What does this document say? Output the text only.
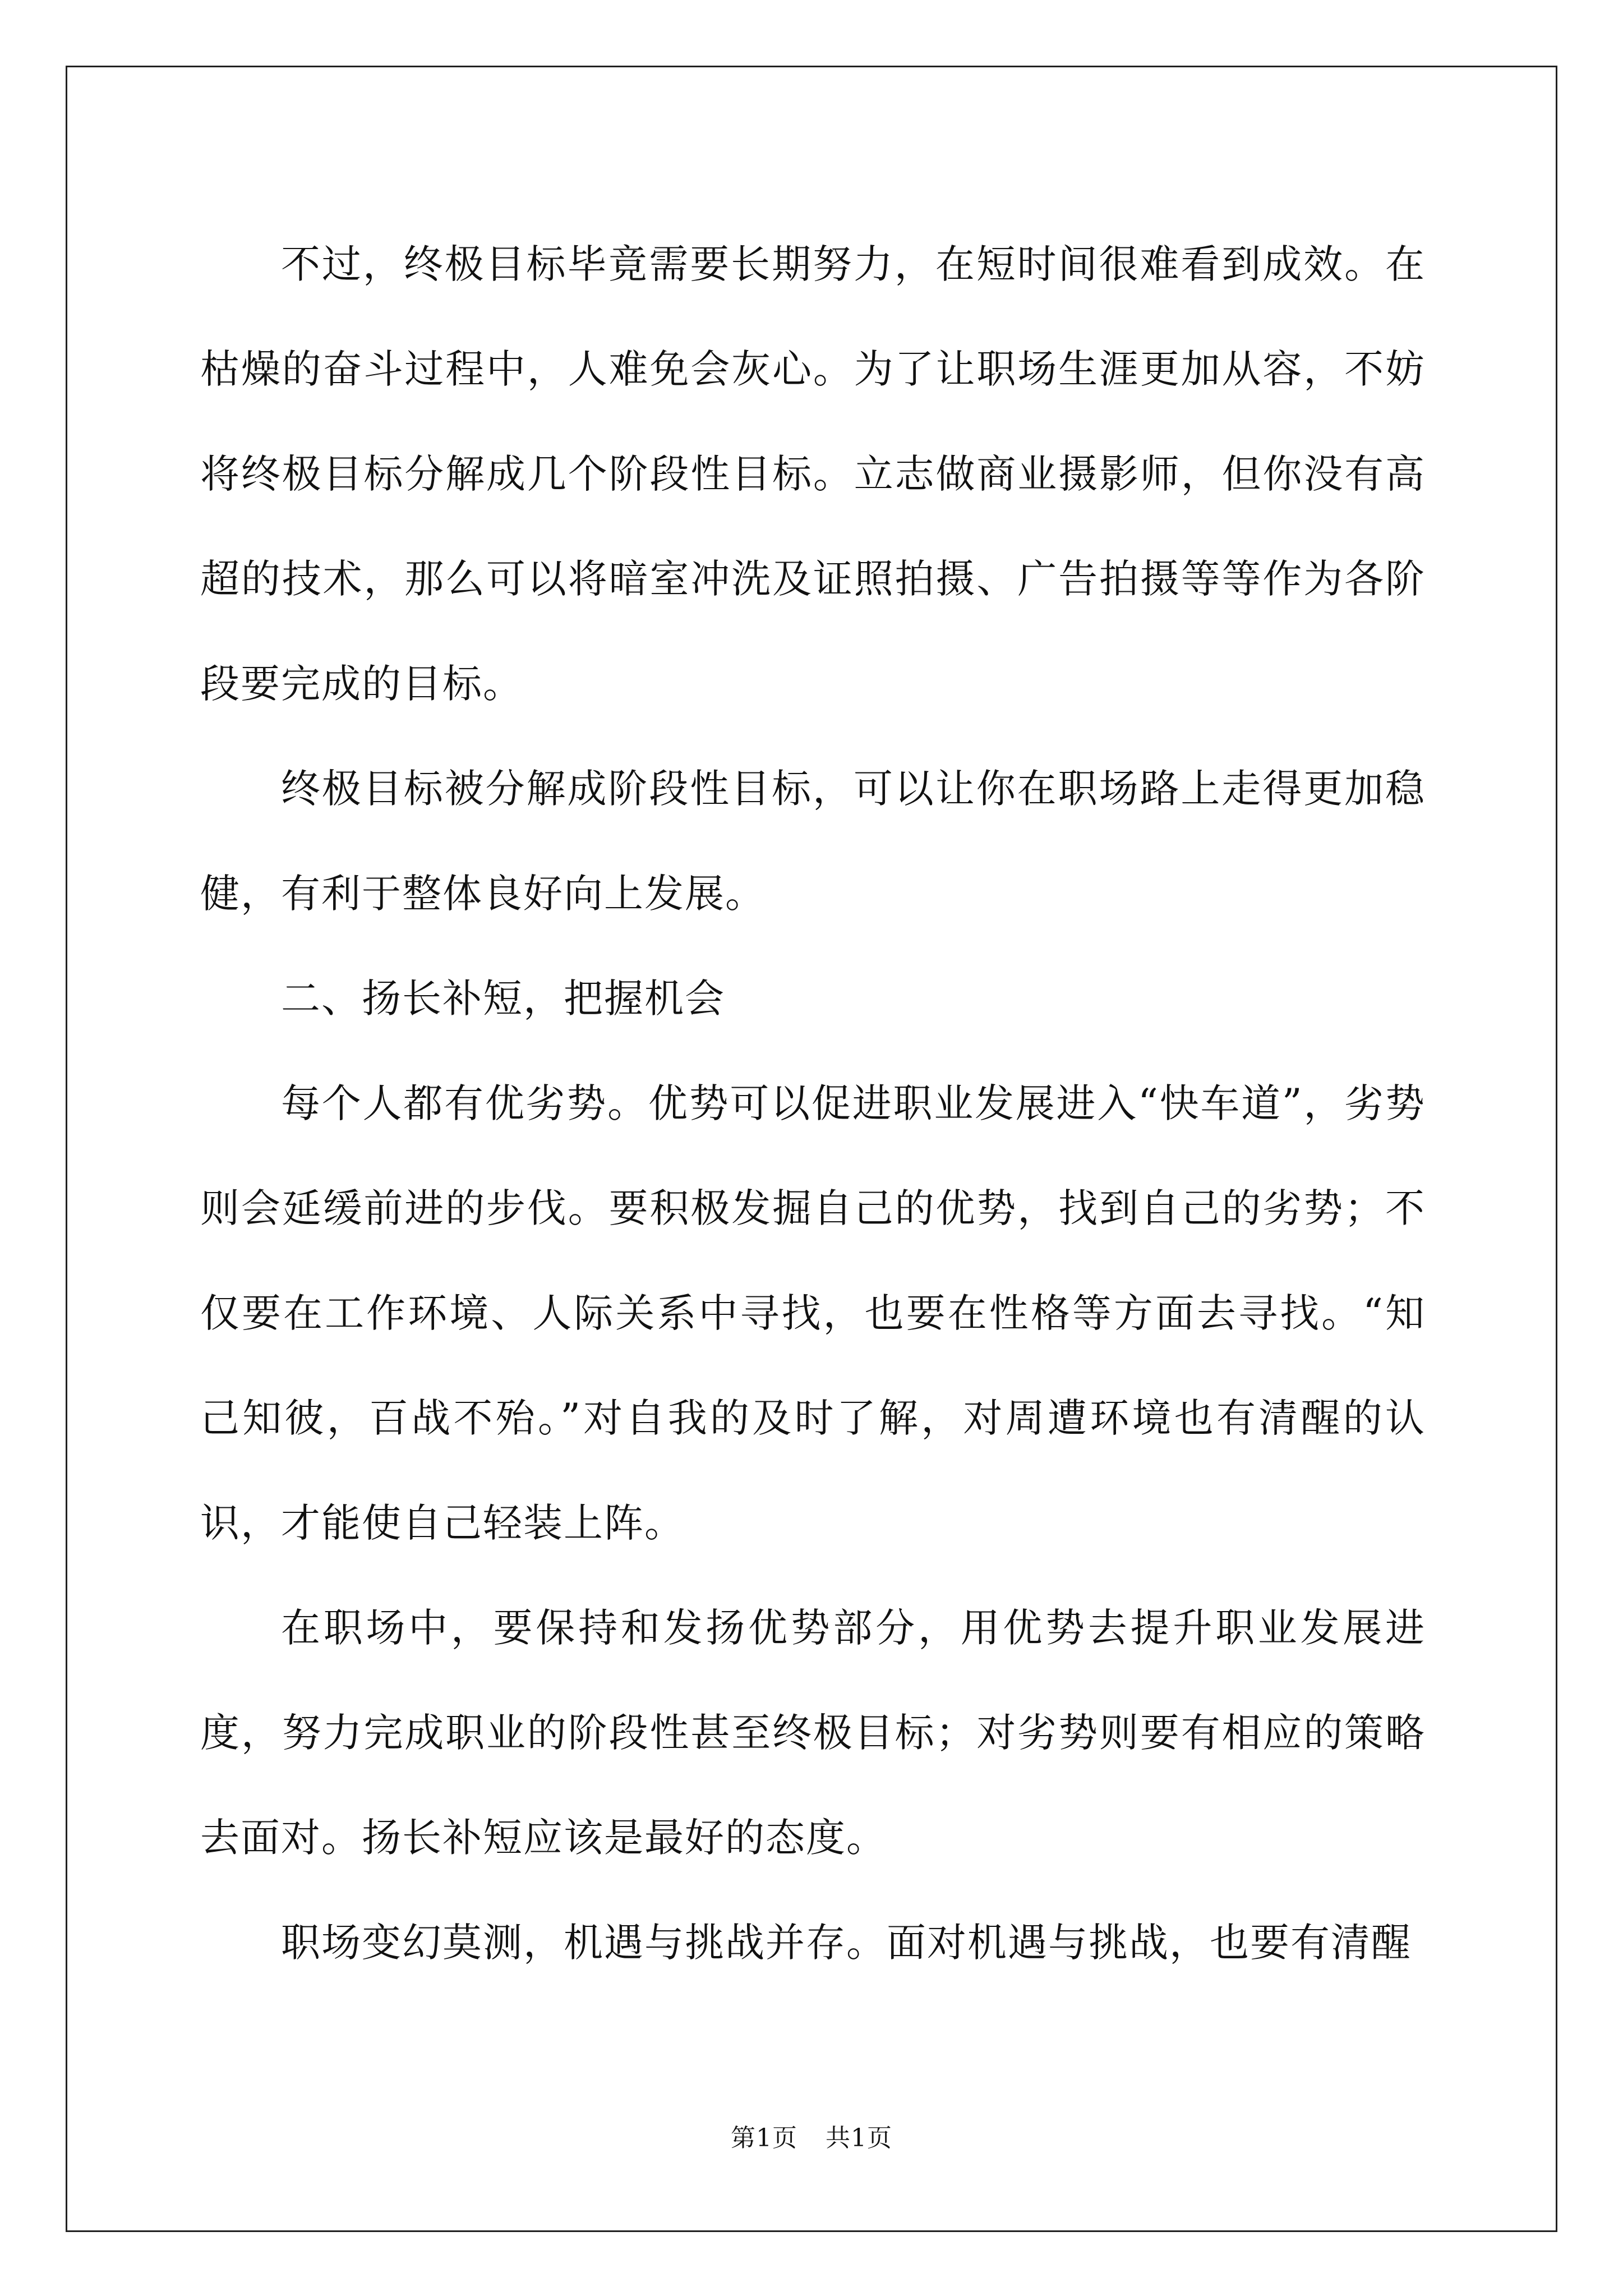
不过，终极目标毕竟需要长期努力，在短时间很难看到成效。在枯燥的奋斗过程中，人难免会灰心。为了让职场生涯更加从容，不妨将终极目标分解成几个阶段性目标。立志做商业摄影师，但你没有高超的技术，那么可以将暗室冲洗及证照拍摄、广告拍摄等等作为各阶段要完成的目标。

终极目标被分解成阶段性目标，可以让你在职场路上走得更加稳健，有利于整体良好向上发展。

二、扬长补短，把握机会

每个人都有优劣势。优势可以促进职业发展进入“快车道”，劣势则会延缓前进的步伐。要积极发掘自己的优势，找到自己的劣势；不仅要在工作环境、人际关系中寻找，也要在性格等方面去寻找。“知己知彼，百战不殆。”对自我的及时了解，对周遭环境也有清醒的认识，才能使自己轻装上阵。

在职场中，要保持和发扬优势部分，用优势去提升职业发展进度，努力完成职业的阶段性甚至终极目标；对劣势则要有相应的策略去面对。扬长补短应该是最好的态度。

职场变幻莫测，机遇与挑战并存。面对机遇与挑战，也要有清醒

第1页 共1页
